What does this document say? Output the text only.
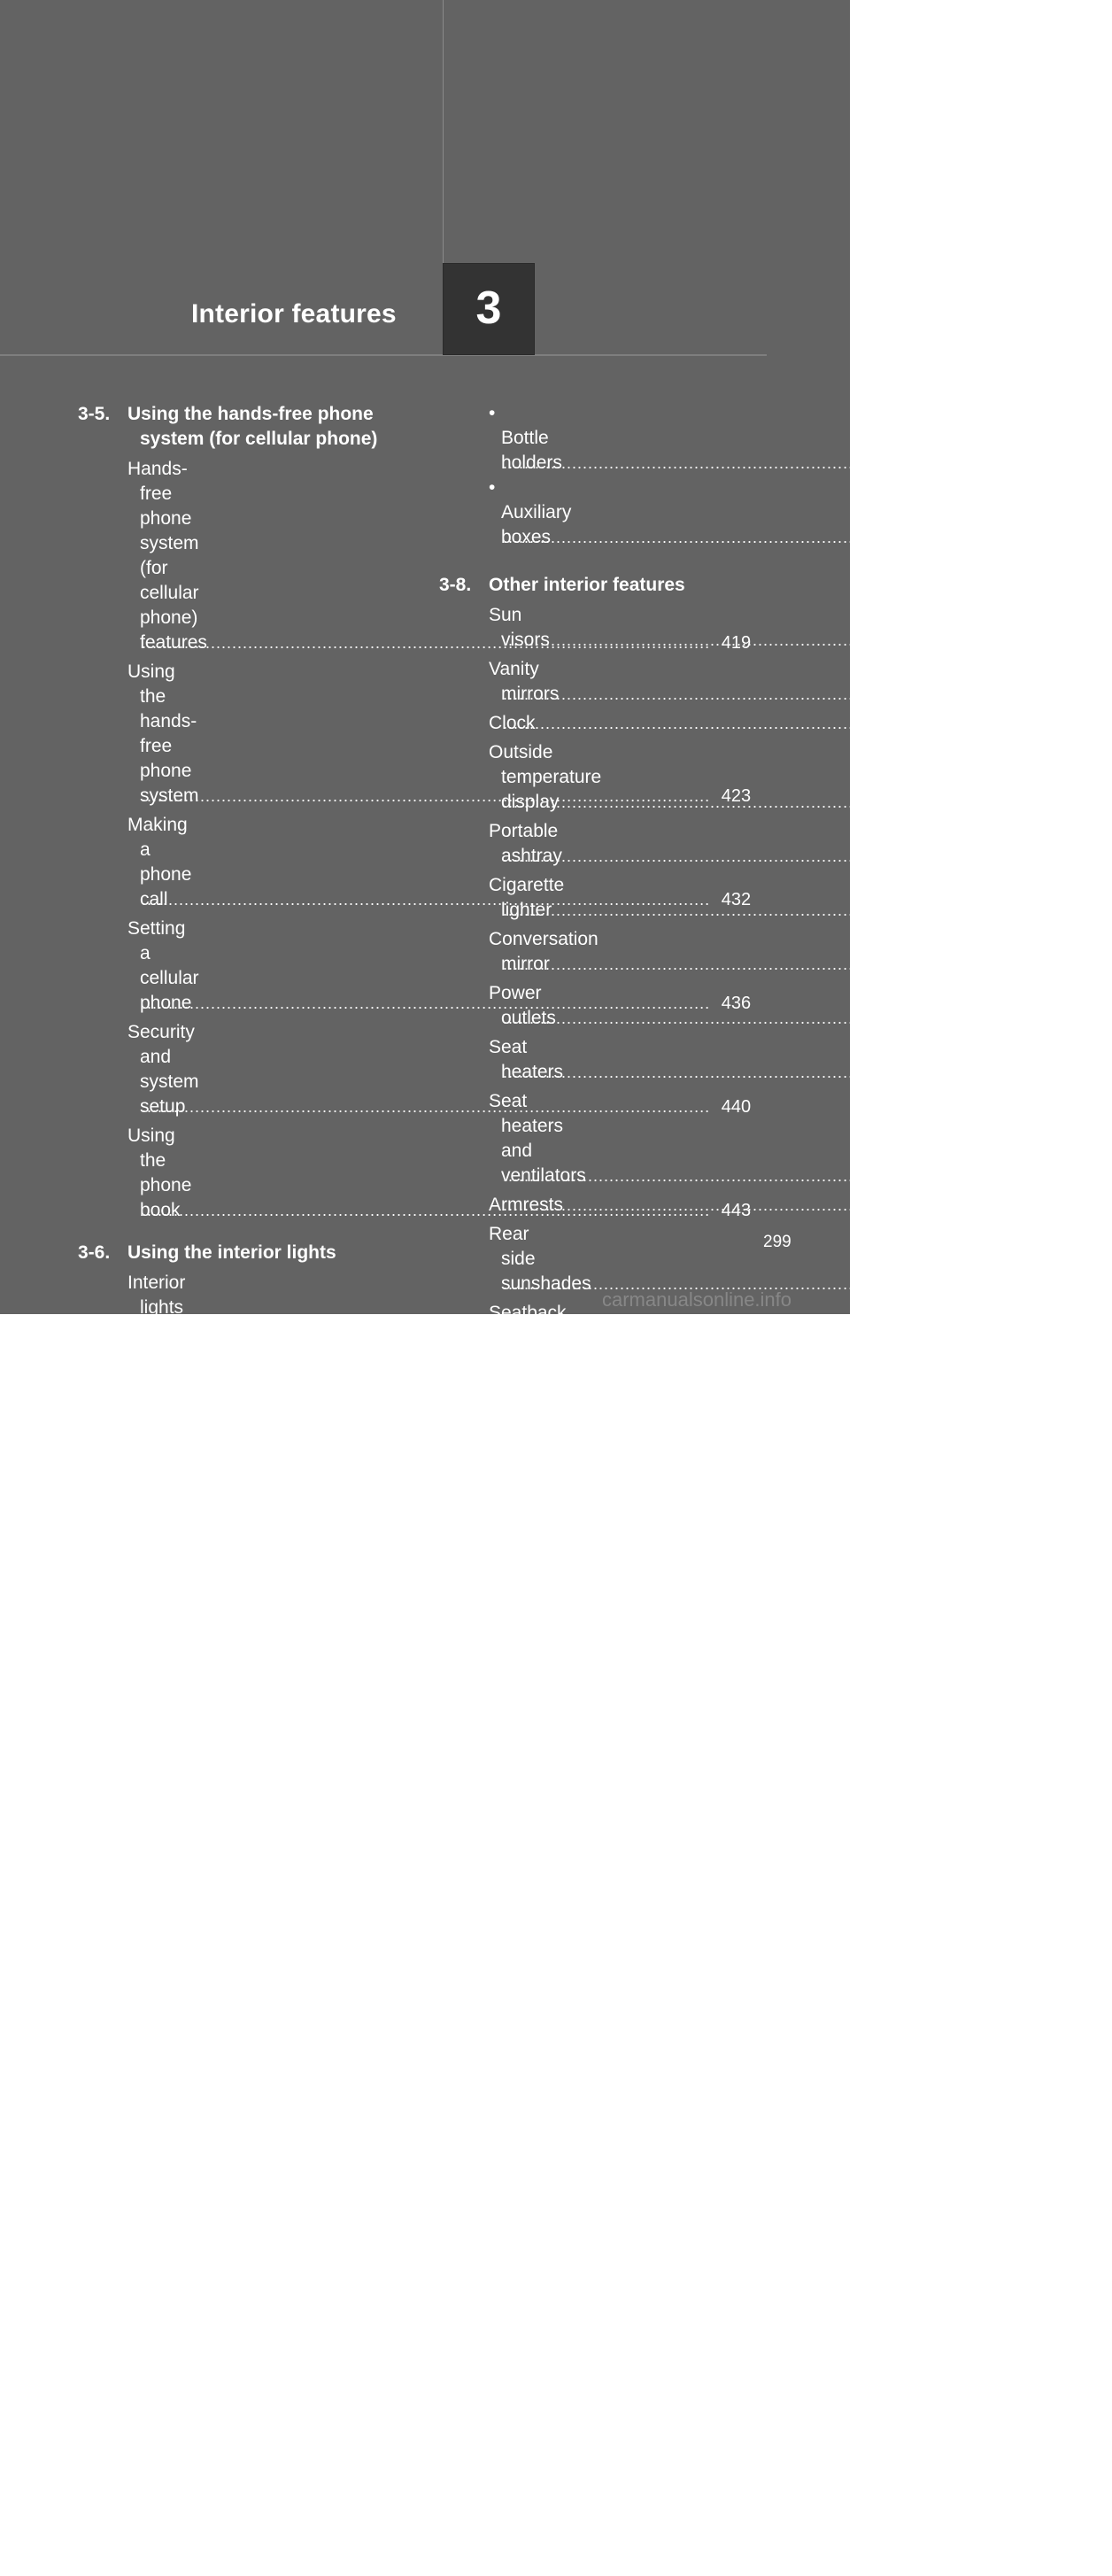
Interior features	3
3-5. Using the hands-free phone system (for cellular phone)
Hands-free phone system (for cellular phone) features .....	419
Using the hands-free phone system .....	423
Making a phone call .....	432
Setting a cellular phone .....	436
Security and system setup .....	440
Using the phone book .....	443
3-6. Using the interior lights
Interior lights list .....	449
• Personal/interior light main switch .....	450
• Personal/interior lights .....	451
• Interior light .....	452
3-7. Using the storage features
List of storage features .....	453
• Glove boxes .....	454
• Coin holder .....	455
• Front console box .....	456
• Card holder .....	458
• Map holder .....	459
• Pen holder .....	461
• Tissue pocket .....	462
• Rear console box .....	463
• Overhead console .....	466
• Cup holders .....	468
• Bottle holders .....	472
• Auxiliary boxes .....	473
3-8. Other interior features
Sun visors .....	475
Vanity mirrors .....	476
Clock .....	477
Outside temperature display .....	478
Portable ashtray .....	480
Cigarette lighter .....	481
Conversation mirror .....	482
Power outlets .....	483
Seat heaters .....	489
Seat heaters and ventilators .....	492
Armrests .....	494
Rear side sunshades .....	495
Seatback table .....	497
Floor mat .....	498
Luggage compartment features .....	500
Garage door opener .....	505
Compass .....	511
299
carmanualsonline.info
